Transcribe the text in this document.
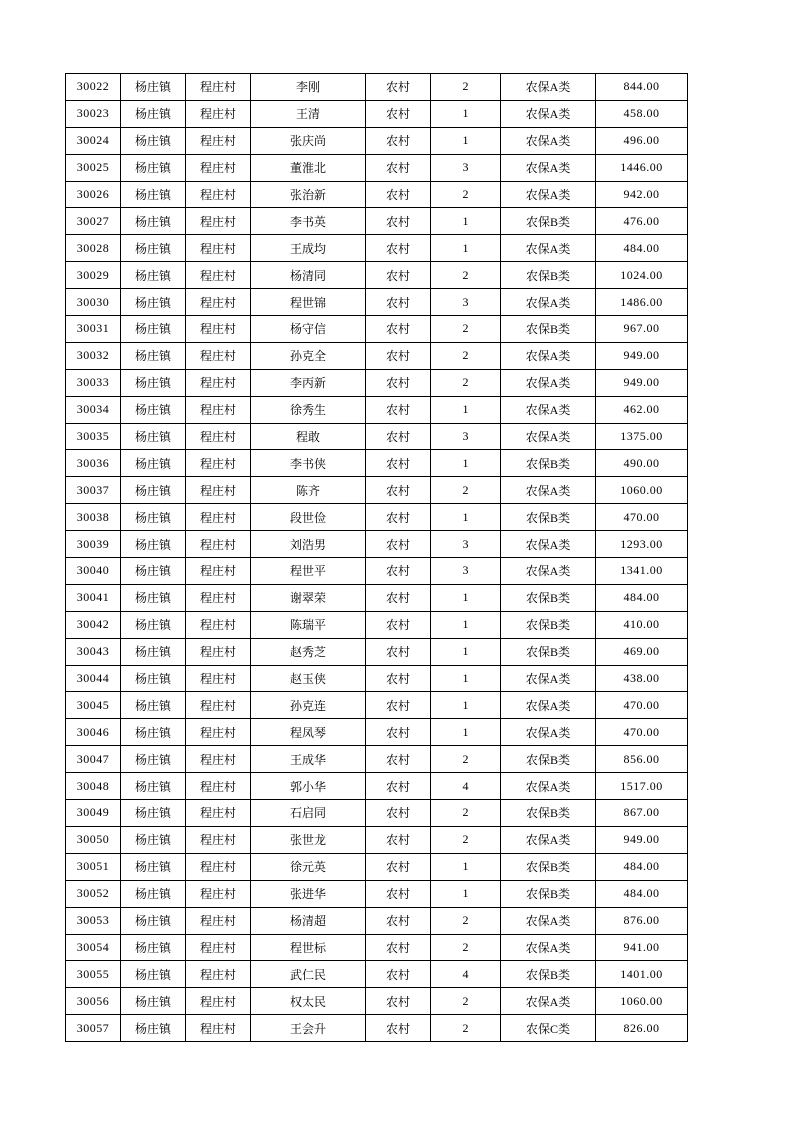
30022	杨庄镇	程庄村	李刚	农村	2	农保A类	844.00
30023	杨庄镇	程庄村	王清	农村	1	农保A类	458.00
30024	杨庄镇	程庄村	张庆尚	农村	1	农保A类	496.00
30025	杨庄镇	程庄村	董淮北	农村	3	农保A类	1446.00
30026	杨庄镇	程庄村	张治新	农村	2	农保A类	942.00
30027	杨庄镇	程庄村	李书英	农村	1	农保B类	476.00
30028	杨庄镇	程庄村	王成均	农村	1	农保A类	484.00
30029	杨庄镇	程庄村	杨清同	农村	2	农保B类	1024.00
30030	杨庄镇	程庄村	程世锦	农村	3	农保A类	1486.00
30031	杨庄镇	程庄村	杨守信	农村	2	农保B类	967.00
30032	杨庄镇	程庄村	孙克全	农村	2	农保A类	949.00
30033	杨庄镇	程庄村	李丙新	农村	2	农保A类	949.00
30034	杨庄镇	程庄村	徐秀生	农村	1	农保A类	462.00
30035	杨庄镇	程庄村	程敢	农村	3	农保A类	1375.00
30036	杨庄镇	程庄村	李书侠	农村	1	农保B类	490.00
30037	杨庄镇	程庄村	陈齐	农村	2	农保A类	1060.00
30038	杨庄镇	程庄村	段世俭	农村	1	农保B类	470.00
30039	杨庄镇	程庄村	刘浩男	农村	3	农保A类	1293.00
30040	杨庄镇	程庄村	程世平	农村	3	农保A类	1341.00
30041	杨庄镇	程庄村	谢翠荣	农村	1	农保B类	484.00
30042	杨庄镇	程庄村	陈瑞平	农村	1	农保B类	410.00
30043	杨庄镇	程庄村	赵秀芝	农村	1	农保B类	469.00
30044	杨庄镇	程庄村	赵玉侠	农村	1	农保A类	438.00
30045	杨庄镇	程庄村	孙克连	农村	1	农保A类	470.00
30046	杨庄镇	程庄村	程凤琴	农村	1	农保A类	470.00
30047	杨庄镇	程庄村	王成华	农村	2	农保B类	856.00
30048	杨庄镇	程庄村	郭小华	农村	4	农保A类	1517.00
30049	杨庄镇	程庄村	石启同	农村	2	农保B类	867.00
30050	杨庄镇	程庄村	张世龙	农村	2	农保A类	949.00
30051	杨庄镇	程庄村	徐元英	农村	1	农保B类	484.00
30052	杨庄镇	程庄村	张进华	农村	1	农保B类	484.00
30053	杨庄镇	程庄村	杨清超	农村	2	农保A类	876.00
30054	杨庄镇	程庄村	程世标	农村	2	农保A类	941.00
30055	杨庄镇	程庄村	武仁民	农村	4	农保B类	1401.00
30056	杨庄镇	程庄村	权太民	农村	2	农保A类	1060.00
30057	杨庄镇	程庄村	王会升	农村	2	农保C类	826.00
